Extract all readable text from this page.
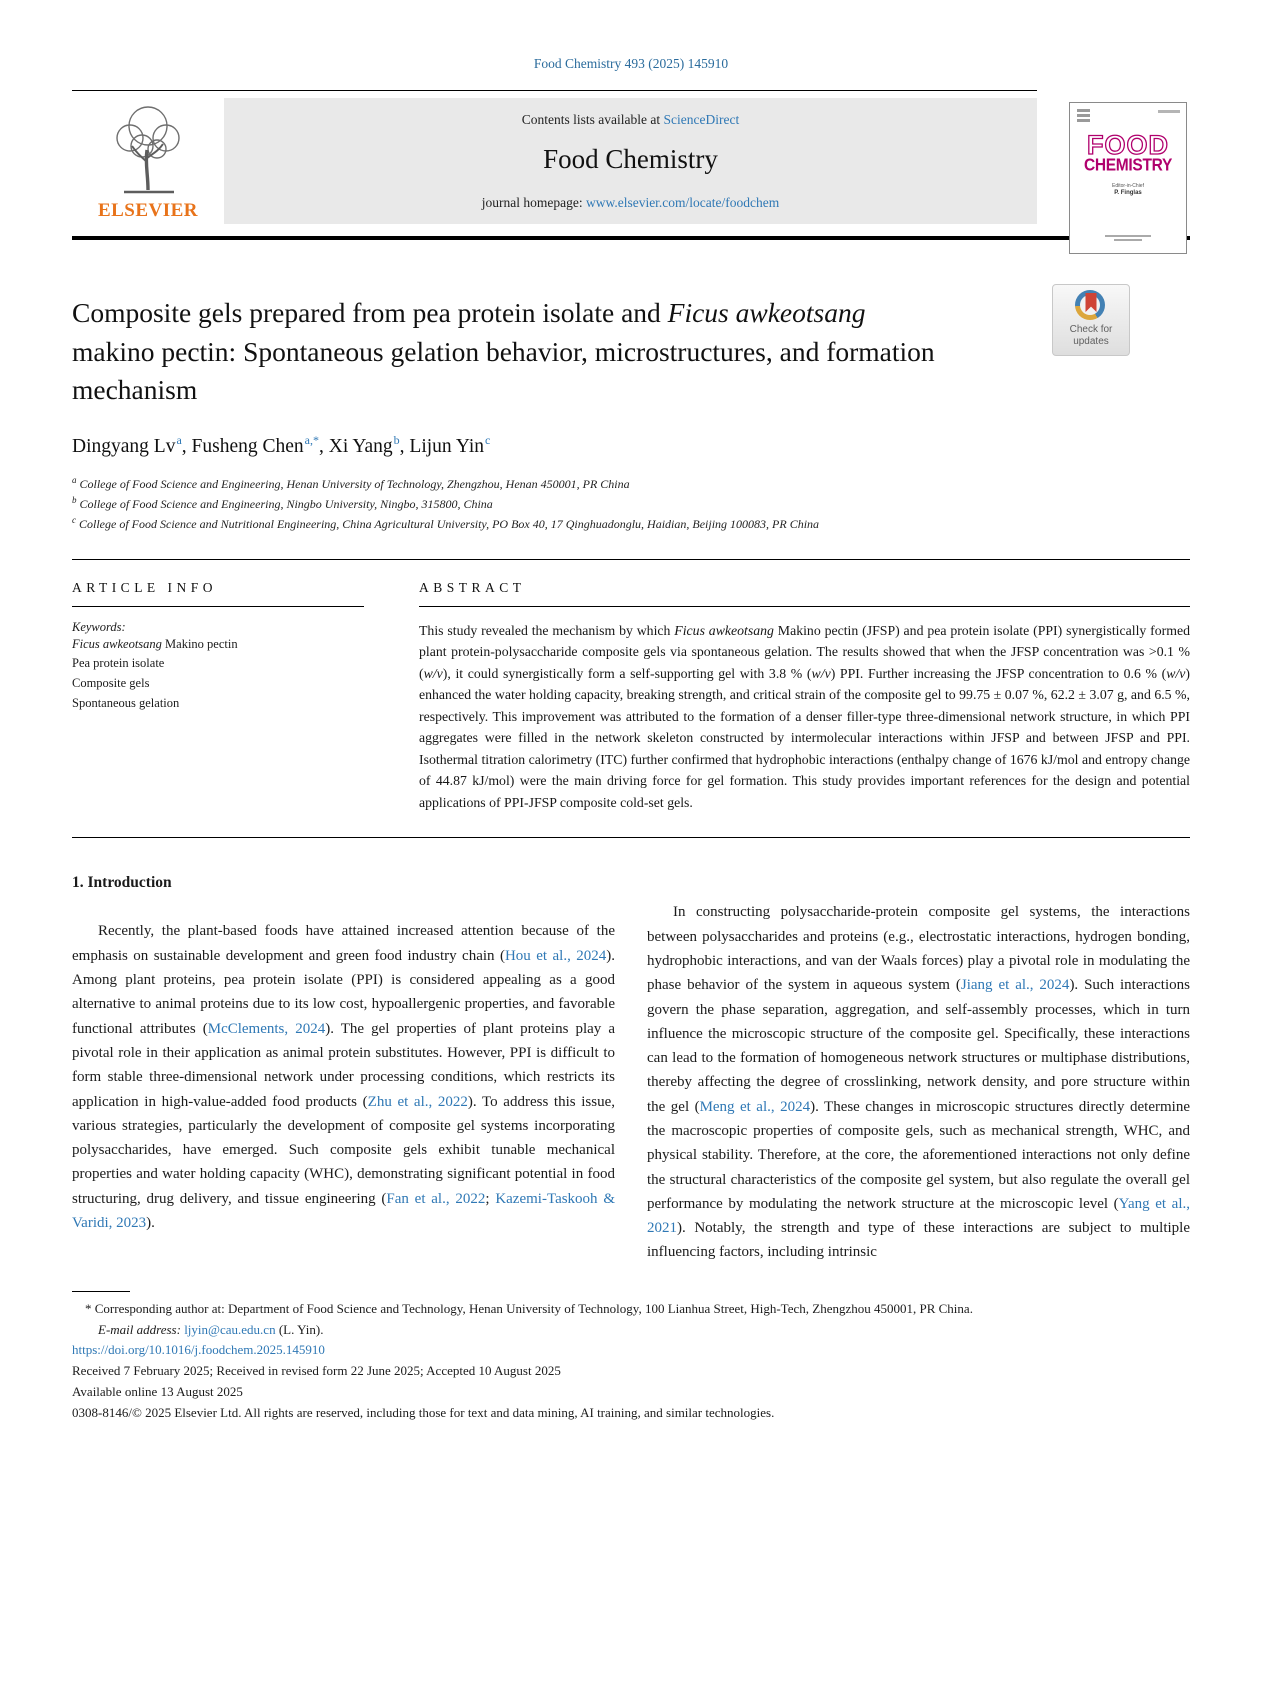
Food Chemistry 493 (2025) 145910
ELSEVIER
Contents lists available at ScienceDirect
Food Chemistry
journal homepage: www.elsevier.com/locate/foodchem
FOOD
CHEMISTRY
Editor-in-Chief
P. Finglas
Composite gels prepared from pea protein isolate and Ficus awkeotsang makino pectin: Spontaneous gelation behavior, microstructures, and formation mechanism
Check for
updates
Dingyang Lv$^a$, Fusheng Chen$^{a,*}$, Xi Yang$^b$, Lijun Yin$^c$

$^a$ College of Food Science and Engineering, Henan University of Technology, Zhengzhou, Henan 450001, PR China

$^b$ College of Food Science and Engineering, Ningbo University, Ningbo, 315800, China

$^c$ College of Food Science and Nutritional Engineering, China Agricultural University, PO Box 40, 17 Qinghuadonglu, Haidian, Beijing 100083, PR China

ARTICLE INFO

Keywords:

Ficus awkeotsang Makino pectin

Pea protein isolate

Composite gels

Spontaneous gelation

ABSTRACT

This study revealed the mechanism by which Ficus awkeotsang Makino pectin (JFSP) and pea protein isolate (PPI) synergistically formed plant protein-polysaccharide composite gels via spontaneous gelation. The results showed that when the JFSP concentration was >0.1 % (w/v), it could synergistically form a self-supporting gel with 3.8 % (w/v) PPI. Further increasing the JFSP concentration to 0.6 % (w/v) enhanced the water holding capacity, breaking strength, and critical strain of the composite gel to 99.75 ± 0.07 %, 62.2 ± 3.07 g, and 6.5 %, respectively. This improvement was attributed to the formation of a denser filler-type three-dimensional network structure, in which PPI aggregates were filled in the network skeleton constructed by intermolecular interactions within JFSP and between JFSP and PPI. Isothermal titration calorimetry (ITC) further confirmed that hydrophobic interactions (enthalpy change of 1676 kJ/mol and entropy change of 44.87 kJ/mol) were the main driving force for gel formation. This study provides important references for the design and potential applications of PPI-JFSP composite cold-set gels.

1. Introduction

Recently, the plant-based foods have attained increased attention because of the emphasis on sustainable development and green food industry chain (Hou et al., 2024). Among plant proteins, pea protein isolate (PPI) is considered appealing as a good alternative to animal proteins due to its low cost, hypoallergenic properties, and favorable functional attributes (McClements, 2024). The gel properties of plant proteins play a pivotal role in their application as animal protein substitutes. However, PPI is difficult to form stable three-dimensional network under processing conditions, which restricts its application in high-value-added food products (Zhu et al., 2022). To address this issue, various strategies, particularly the development of composite gel systems incorporating polysaccharides, have emerged. Such composite gels exhibit tunable mechanical properties and water holding capacity (WHC), demonstrating significant potential in food structuring, drug delivery, and tissue engineering (Fan et al., 2022; Kazemi-Taskooh & Varidi, 2023).

In constructing polysaccharide-protein composite gel systems, the interactions between polysaccharides and proteins (e.g., electrostatic interactions, hydrogen bonding, hydrophobic interactions, and van der Waals forces) play a pivotal role in modulating the phase behavior of the system in aqueous system (Jiang et al., 2024). Such interactions govern the phase separation, aggregation, and self-assembly processes, which in turn influence the microscopic structure of the composite gel. Specifically, these interactions can lead to the formation of homogeneous network structures or multiphase distributions, thereby affecting the degree of crosslinking, network density, and pore structure within the gel (Meng et al., 2024). These changes in microscopic structures directly determine the macroscopic properties of composite gels, such as mechanical strength, WHC, and physical stability. Therefore, at the core, the aforementioned interactions not only define the structural characteristics of the composite gel system, but also regulate the overall gel performance by modulating the network structure at the microscopic level (Yang et al., 2021). Notably, the strength and type of these interactions are subject to multiple influencing factors, including intrinsic

* Corresponding author at: Department of Food Science and Technology, Henan University of Technology, 100 Lianhua Street, High-Tech, Zhengzhou 450001, PR China.

E-mail address: ljyin@cau.edu.cn (L. Yin).

https://doi.org/10.1016/j.foodchem.2025.145910

Received 7 February 2025; Received in revised form 22 June 2025; Accepted 10 August 2025

Available online 13 August 2025

0308-8146/© 2025 Elsevier Ltd. All rights are reserved, including those for text and data mining, AI training, and similar technologies.
